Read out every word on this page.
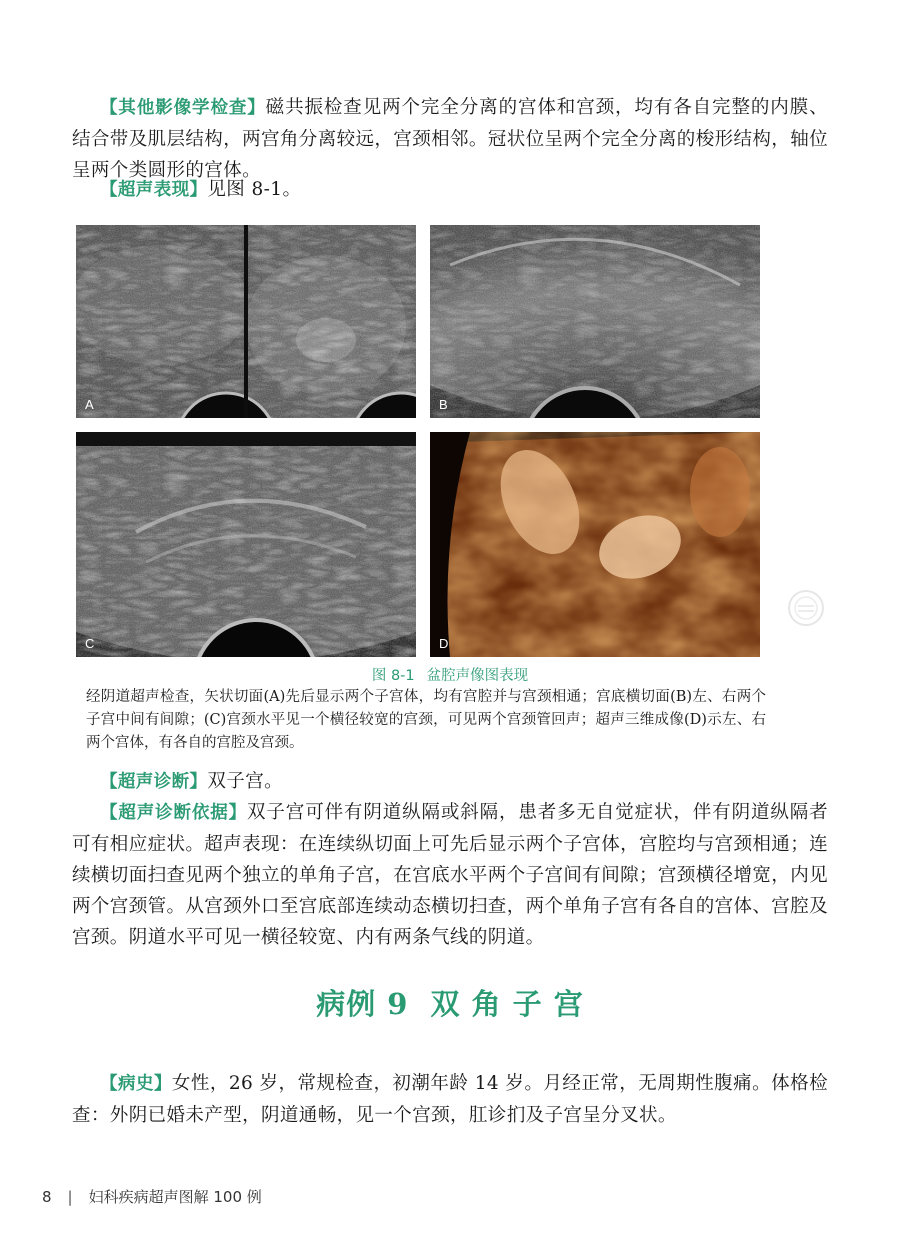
【其他影像学检查】磁共振检查见两个完全分离的宫体和宫颈，均有各自完整的内膜、结合带及肌层结构，两宫角分离较远，宫颈相邻。冠状位呈两个完全分离的梭形结构，轴位呈两个类圆形的宫体。

【超声表现】见图 8-1。

A	B
C	D
图 8-1 盆腔声像图表现

经阴道超声检查，矢状切面(A)先后显示两个子宫体，均有宫腔并与宫颈相通；宫底横切面(B)左、右两个子宫中间有间隙；(C)宫颈水平见一个横径较宽的宫颈，可见两个宫颈管回声；超声三维成像(D)示左、右两个宫体，有各自的宫腔及宫颈。

【超声诊断】双子宫。

【超声诊断依据】双子宫可伴有阴道纵隔或斜隔，患者多无自觉症状，伴有阴道纵隔者可有相应症状。超声表现：在连续纵切面上可先后显示两个子宫体，宫腔均与宫颈相通；连续横切面扫查见两个独立的单角子宫，在宫底水平两个子宫间有间隙；宫颈横径增宽，内见两个宫颈管。从宫颈外口至宫底部连续动态横切扫查，两个单角子宫有各自的宫体、宫腔及宫颈。阴道水平可见一横径较宽、内有两条气线的阴道。

病例 9 双 角 子 宫

【病史】女性，26 岁，常规检查，初潮年龄 14 岁。月经正常，无周期性腹痛。体格检查：外阴已婚未产型，阴道通畅，见一个宫颈，肛诊扪及子宫呈分叉状。

8 | 妇科疾病超声图解 100 例
